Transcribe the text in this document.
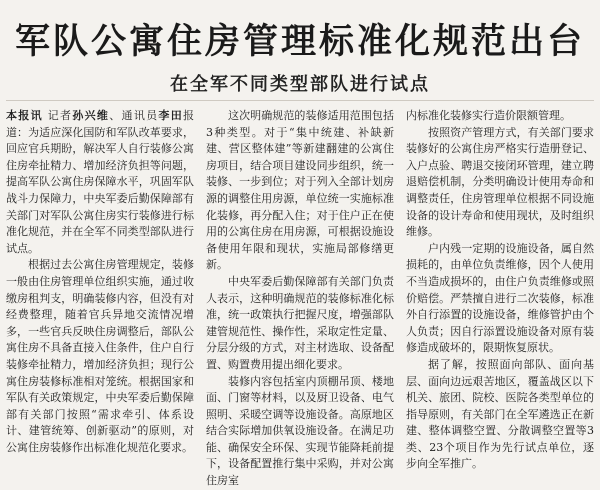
军队公寓住房管理标准化规范出台
在全军不同类型部队进行试点

本报讯 记者孙兴维、通讯员李田报道：为适应深化国防和军队改革要求，回应官兵期盼，解决军人自行装修公寓住房牵扯精力、增加经济负担等问题，提高军队公寓住房保障水平，巩固军队战斗力保障力，中央军委后勤保障部有关部门对军队公寓住房实行装修进行标准化规范，并在全军不同类型部队进行试点。

根据过去公寓住房管理规定，装修一般由住房管理单位组织实施，通过收缴房租判支，明确装修内容，但没有对经费整理，随着官兵异地交流情况增多，一些官兵反映住房调整后，部队公寓住房不具备直接入住条件，住户自行装修牵扯精力，增加经济负担；现行公寓住房装修标准相对笼统。根据国家和军队有关政策规定，中央军委后勤保障部有关部门按照“需求牵引、体系设计、建管统筹、创新驱动”的原则，对公寓住房装修作出标准化规范化要求。

这次明确规范的装修适用范围包括3种类型。对于“集中统建、补缺新建、营区整体建”等新建翻建的公寓住房项目，结合项目建设同步组织，统一装修、一步到位；对于列入全部计划房源的调整住用房源，单位统一实施标准化装修，再分配入住；对于住户正在使用的公寓住房在用房源，可根据设施设备使用年限和现状，实施局部修缮更新。

中央军委后勤保障部有关部门负责人表示，这种明确规范的装修标准化标准，统一政策执行把握尺度，增强部队建管规范性、操作性，采取定性定量、分层分级的方式，对主材选取、设备配置、购置费用提出细化要求。

装修内容包括室内顶棚吊顶、楼地面、门窗等材料，以及厨卫设备、电气照明、采暖空调等设施设备。高原地区结合实际增加供氧设施设备。在满足功能、确保安全环保、实现节能降耗前提下，设备配置推行集中采购，并对公寓住房室

内标准化装修实行造价限额管理。

按照资产管理方式，有关部门要求装修好的公寓住房严格实行造册登记、入户点验、聘退交接闭环管理，建立聘退赔偿机制，分类明确设计使用寿命和调整责任，住房管理单位根据不同设施设备的设计寿命和使用现状，及时组织维修。

户内残一定期的设施设备，属自然损耗的，由单位负责维修，因个人使用不当造成损坏的，由住户负责维修或照价赔偿。严禁擅自进行二次装修，标准外自行添置的设施设备，维修管护由个人负责；因自行添置设施设备对原有装修造成破坏的，限期恢复原状。

据了解，按照面向部队、面向基层、面向边远艰苦地区，覆盖战区以下机关、旅团、院校、医院各类型单位的指导原则，有关部门在全军遴选正在新建、整体调整空置、分散调整空置等3类、23个项目作为先行试点单位，逐步向全军推广。
